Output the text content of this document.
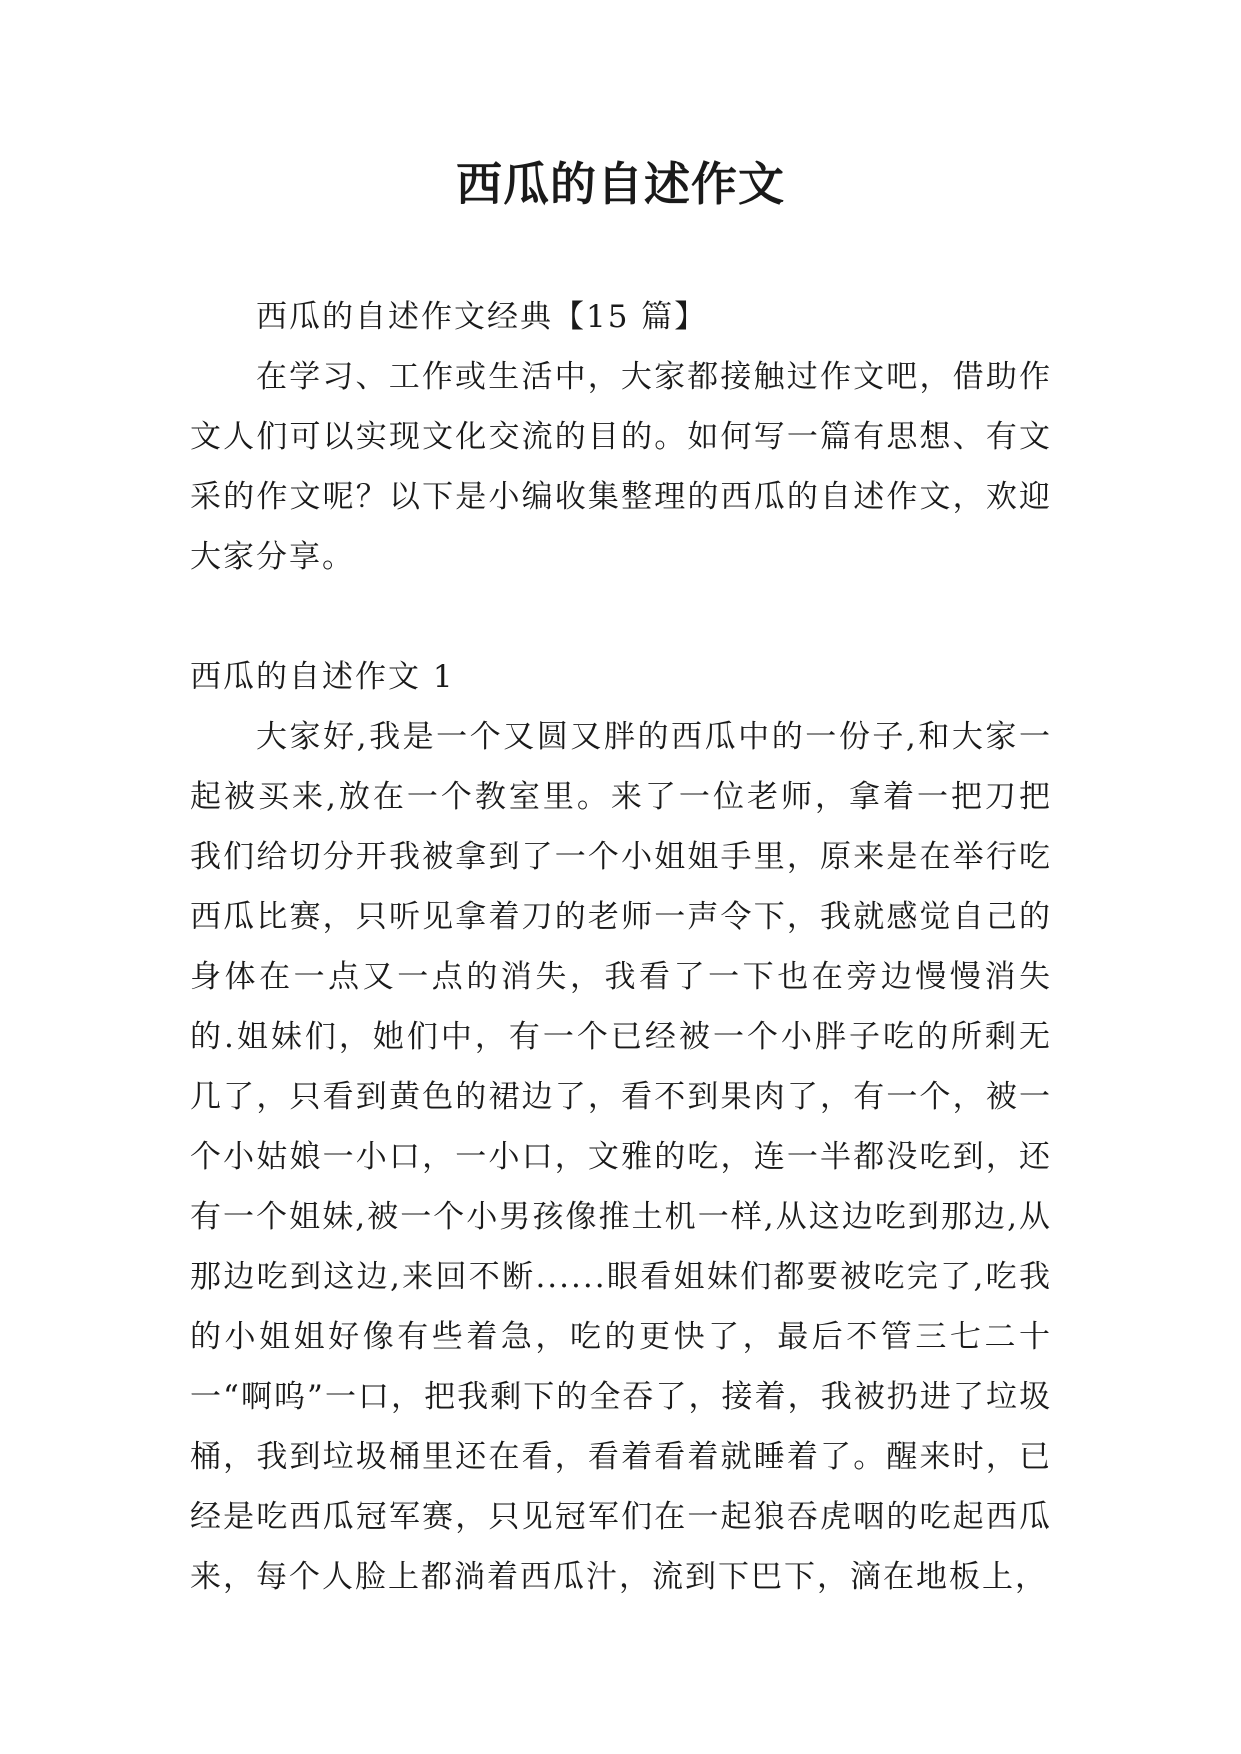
西瓜的自述作文

西瓜的自述作文经典【15 篇】

在学习、工作或生活中，大家都接触过作文吧，借助作文人们可以实现文化交流的目的。如何写一篇有思想、有文采的作文呢？以下是小编收集整理的西瓜的自述作文，欢迎大家分享。

西瓜的自述作文 1

大家好,我是一个又圆又胖的西瓜中的一份子,和大家一起被买来,放在一个教室里。来了一位老师，拿着一把刀把我们给切分开我被拿到了一个小姐姐手里，原来是在举行吃西瓜比赛，只听见拿着刀的老师一声令下，我就感觉自己的身体在一点又一点的消失，我看了一下也在旁边慢慢消失的.姐妹们，她们中，有一个已经被一个小胖子吃的所剩无几了，只看到黄色的裙边了，看不到果肉了，有一个，被一个小姑娘一小口，一小口，文雅的吃，连一半都没吃到，还有一个姐妹,被一个小男孩像推土机一样,从这边吃到那边,从那边吃到这边,来回不断......眼看姐妹们都要被吃完了,吃我的小姐姐好像有些着急，吃的更快了，最后不管三七二十一“啊呜”一口，把我剩下的全吞了，接着，我被扔进了垃圾桶，我到垃圾桶里还在看，看着看着就睡着了。醒来时，已经是吃西瓜冠军赛，只见冠军们在一起狼吞虎咽的吃起西瓜来，每个人脸上都淌着西瓜汁，流到下巴下，滴在地板上，
